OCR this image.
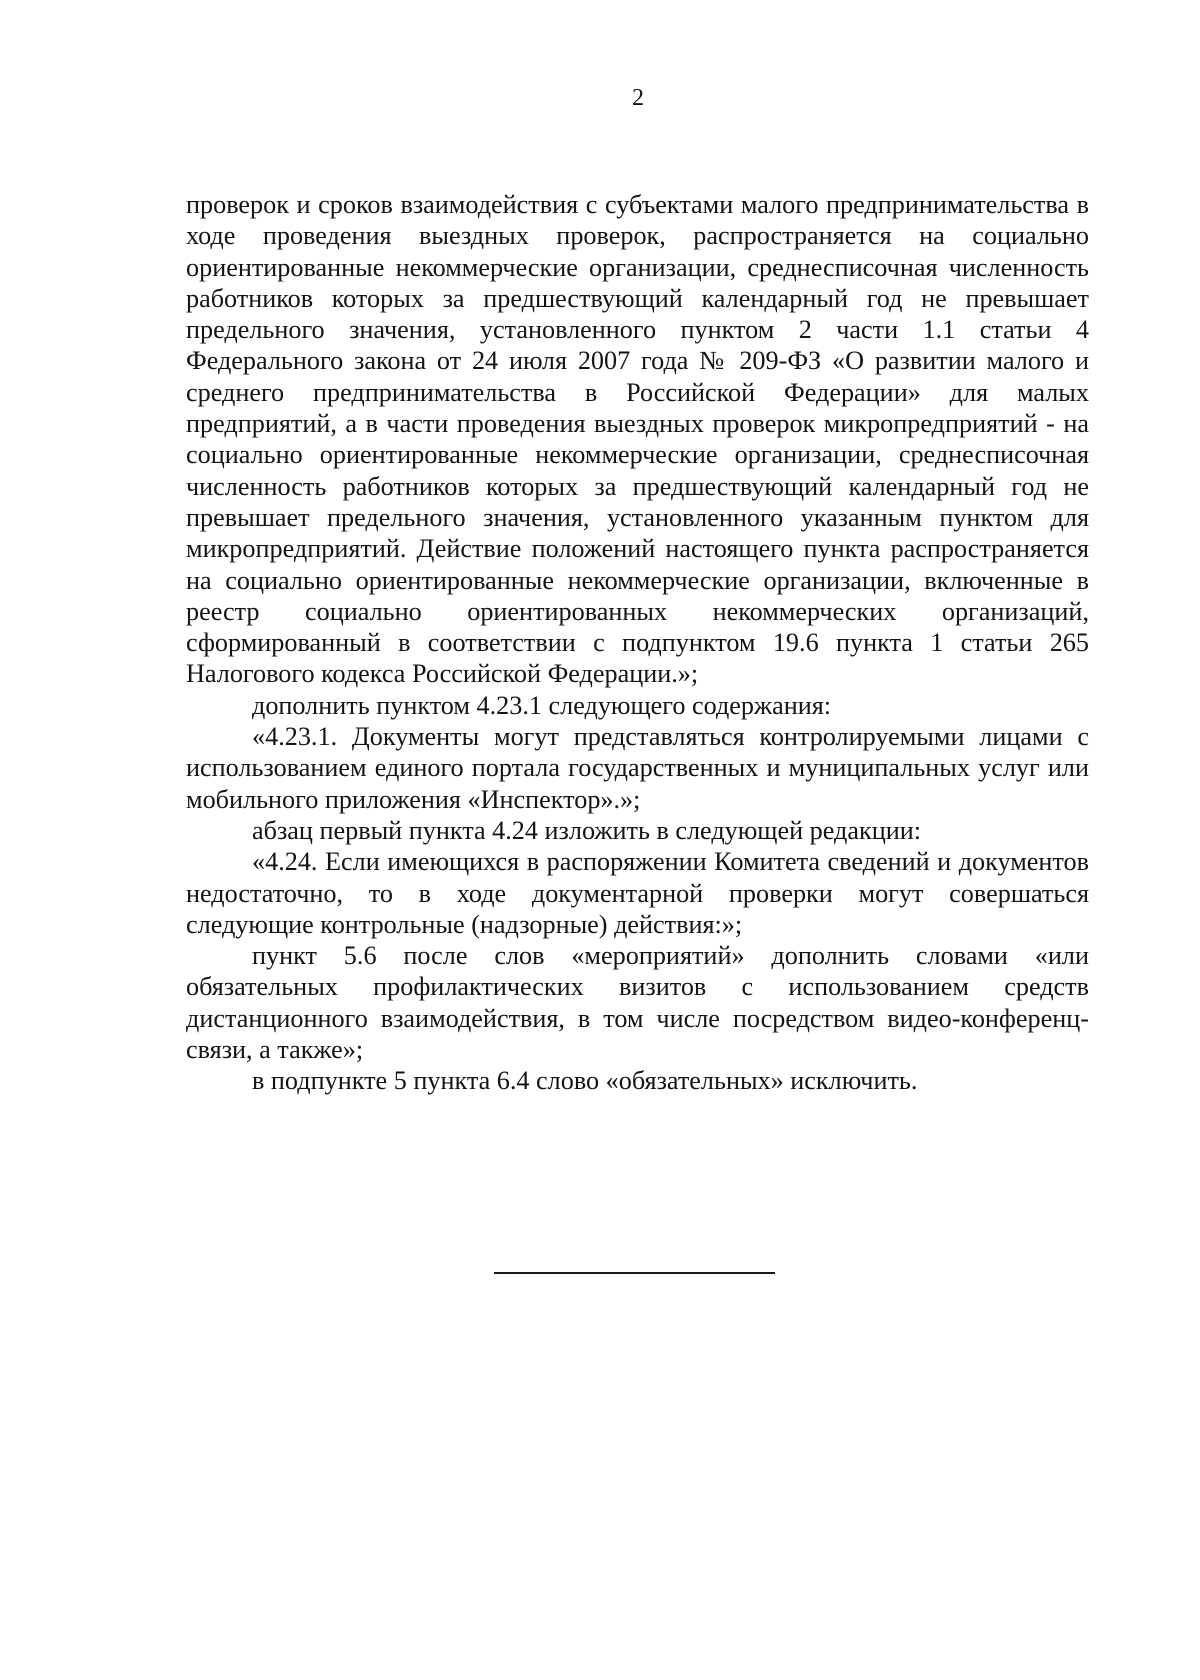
2

проверок и сроков взаимодействия с субъектами малого предпринимательства в ходе проведения выездных проверок, распространяется на социально ориентированные некоммерческие организации, среднесписочная численность работников которых за предшествующий календарный год не превышает предельного значения, установленного пунктом 2 части 1.1 статьи 4 Федерального закона от 24 июля 2007 года № 209-ФЗ «О развитии малого и среднего предпринимательства в Российской Федерации» для малых предприятий, а в части проведения выездных проверок микропредприятий - на социально ориентированные некоммерческие организации, среднесписочная численность работников которых за предшествующий календарный год не превышает предельного значения, установленного указанным пунктом для микропредприятий. Действие положений настоящего пункта распространяется на социально ориентированные некоммерческие организации, включенные в реестр социально ориентированных некоммерческих организаций, сформированный в соответствии с подпунктом 19.6 пункта 1 статьи 265 Налогового кодекса Российской Федерации.»;

дополнить пунктом 4.23.1 следующего содержания:

«4.23.1. Документы могут представляться контролируемыми лицами с использованием единого портала государственных и муниципальных услуг или мобильного приложения «Инспектор».»;

абзац первый пункта 4.24 изложить в следующей редакции:

«4.24. Если имеющихся в распоряжении Комитета сведений и документов недостаточно, то в ходе документарной проверки могут совершаться следующие контрольные (надзорные) действия:»;

пункт 5.6 после слов «мероприятий» дополнить словами «или обязательных профилактических визитов с использованием средств дистанционного взаимодействия, в том числе посредством видео-конференц-связи, а также»;

в подпункте 5 пункта 6.4 слово «обязательных» исключить.
